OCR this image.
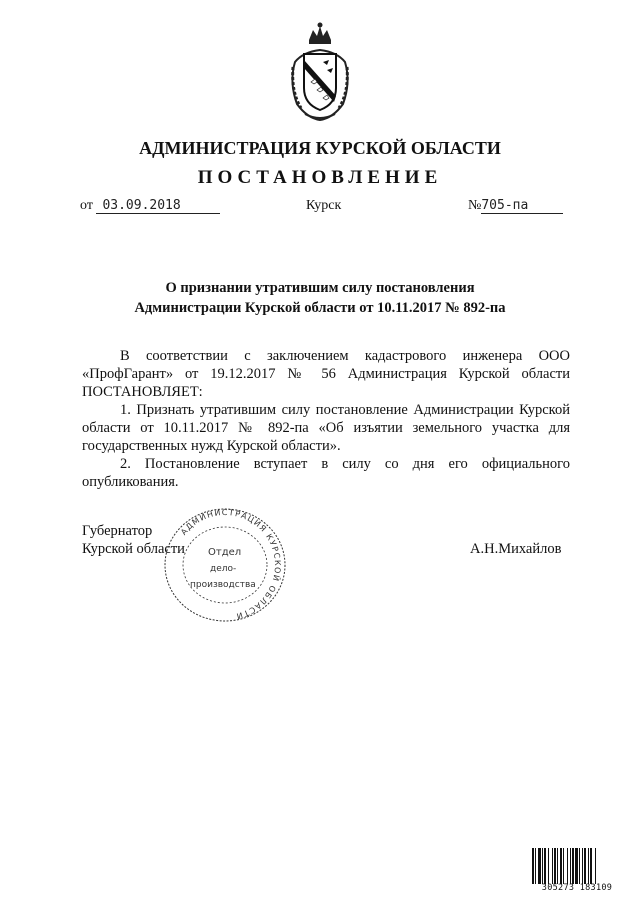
АДМИНИСТРАЦИЯ КУРСКОЙ ОБЛАСТИ
ПОСТАНОВЛЕНИЕ
от 03.09.2018	Курск	№705-па
О признании утратившим силу постановления
Администрации Курской области от 10.11.2017 № 892-па

В соответствии с заключением кадастрового инженера ООО «ПрофГарант» от 19.12.2017 № 56 Администрация Курской области ПОСТАНОВЛЯЕТ:

1. Признать утратившим силу постановление Администрации Курской области от 10.11.2017 № 892-па «Об изъятии земельного участка для государственных нужд Курской области».

2. Постановление вступает в силу со дня его официального опубликования.

Губернатор
Курской области	А.Н.Михайлов
АДМИНИСТРАЦИЯ КУРСКОЙ ОБЛАСТИ
Отдел
дело-
производства
305273 183109
